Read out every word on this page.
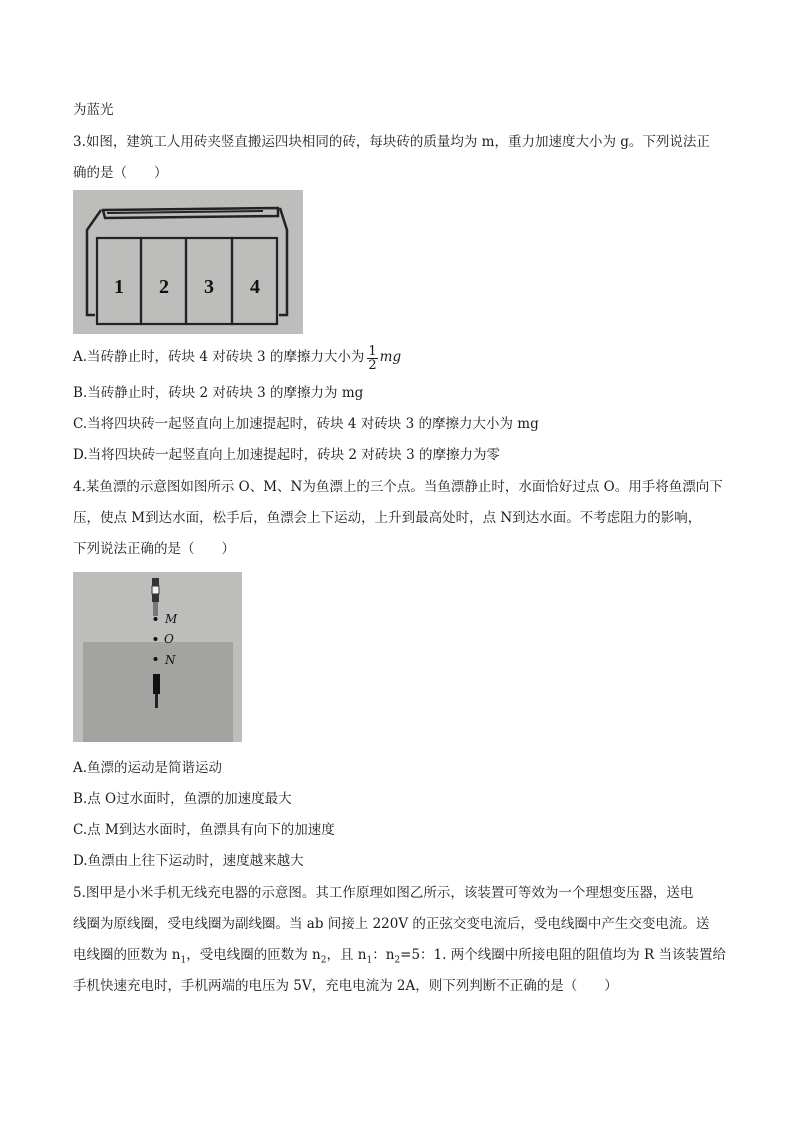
为蓝光
3.如图，建筑工人用砖夹竖直搬运四块相同的砖，每块砖的质量均为 m，重力加速度大小为 g。下列说法正
确的是（　　）
1 2 3 4
A.当砖静止时，砖块 4 对砖块 3 的摩擦力大小为 $\frac{1}{2}$ mg
B.当砖静止时，砖块 2 对砖块 3 的摩擦力为 mg
C.当将四块砖一起竖直向上加速提起时，砖块 4 对砖块 3 的摩擦力大小为 mg
D.当将四块砖一起竖直向上加速提起时，砖块 2 对砖块 3 的摩擦力为零
4.某鱼漂的示意图如图所示 O、M、N为鱼漂上的三个点。当鱼漂静止时，水面恰好过点 O。用手将鱼漂向下
压，使点 M到达水面，松手后，鱼漂会上下运动，上升到最高处时，点 N到达水面。不考虑阻力的影响，
下列说法正确的是（　　）
M
O
N
A.鱼漂的运动是简谐运动
B.点 O过水面时，鱼漂的加速度最大
C.点 M到达水面时，鱼漂具有向下的加速度
D.鱼漂由上往下运动时，速度越来越大
5.图甲是小米手机无线充电器的示意图。其工作原理如图乙所示，该装置可等效为一个理想变压器，送电
线圈为原线圈，受电线圈为副线圈。当 ab 间接上 220V 的正弦交变电流后，受电线圈中产生交变电流。送
电线圈的匝数为 $n_1$，受电线圈的匝数为 $n_2$，且 $n_1$：$n_2=5$：1. 两个线圈中所接电阻的阻值均为 R 当该装置给
手机快速充电时，手机两端的电压为 5V，充电电流为 2A，则下列判断不正确的是（　　）
